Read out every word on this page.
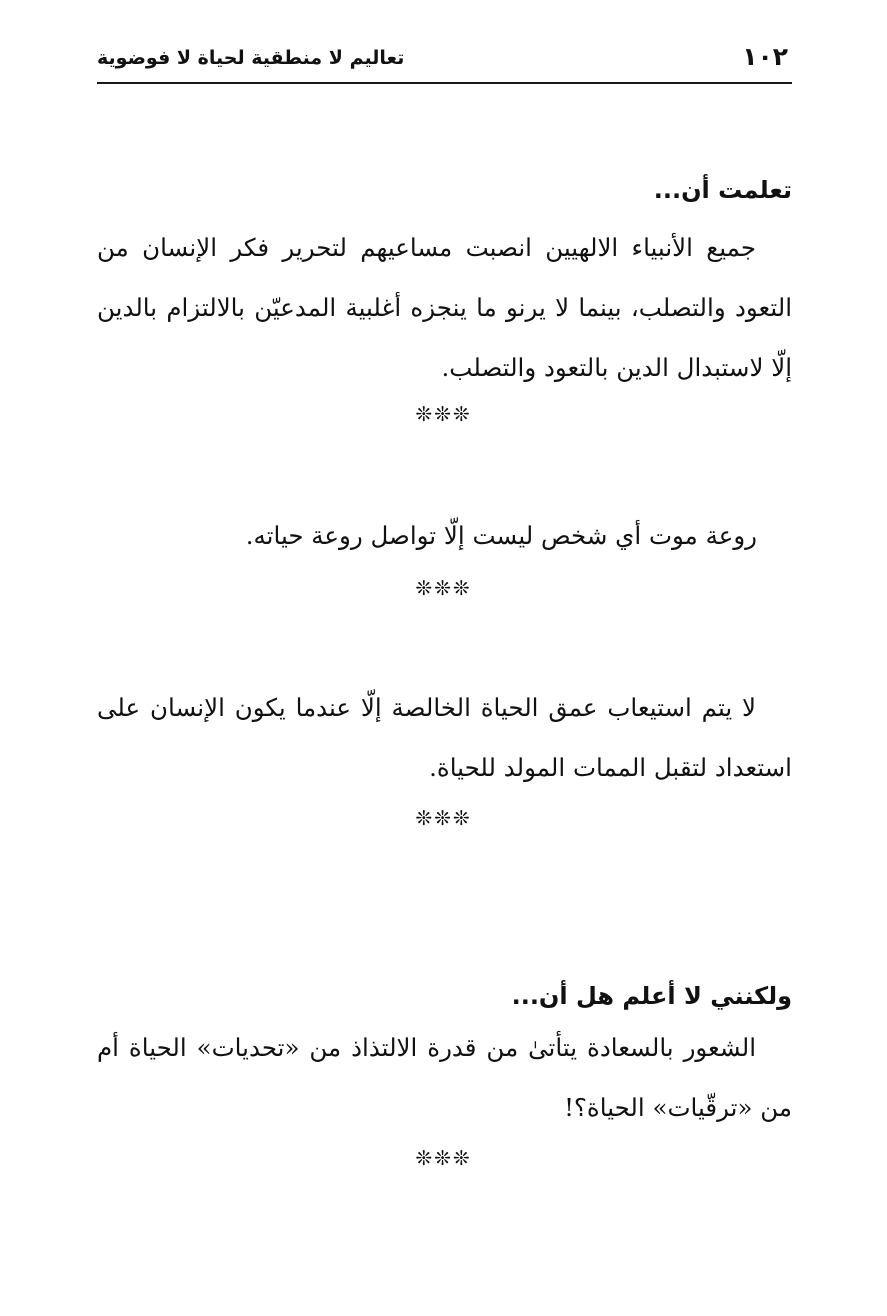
١٠٢
تعاليم لا منطقية لحياة لا فوضوية
تعلمت أن...

جميع الأنبياء الالهيين انصبت مساعيهم لتحرير فكر الإنسان من التعود والتصلب، بينما لا يرنو ما ينجزه أغلبية المدعيّن بالالتزام بالدين إلّا لاستبدال الدين بالتعود والتصلب.

❊❊❊

روعة موت أي شخص ليست إلّا تواصل روعة حياته.

❊❊❊

لا يتم استيعاب عمق الحياة الخالصة إلّا عندما يكون الإنسان على استعداد لتقبل الممات المولد للحياة.

❊❊❊
ولكنني لا أعلم هل أن...

الشعور بالسعادة يتأتىٰ من قدرة الالتذاذ من «تحديات» الحياة أم من «ترقّيات» الحياة؟!

❊❊❊
